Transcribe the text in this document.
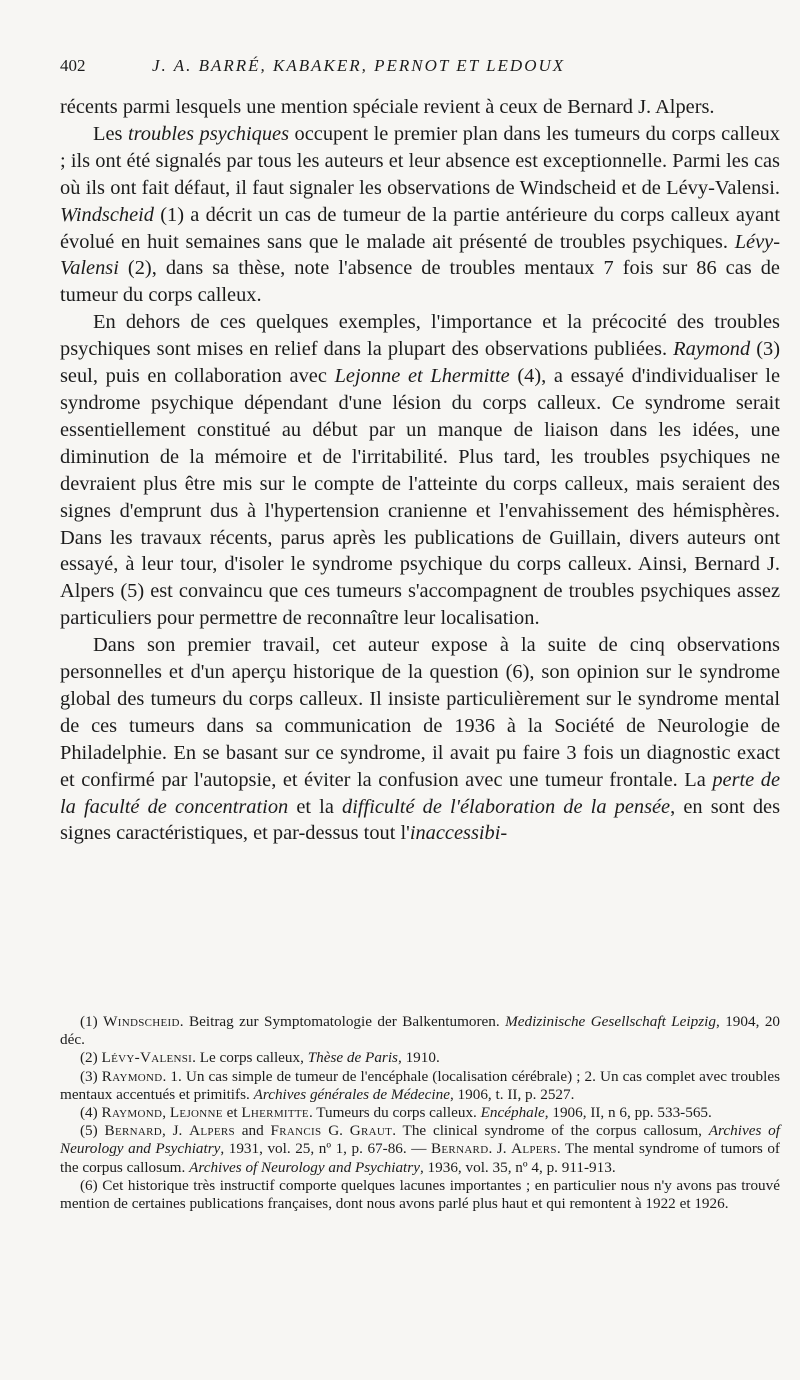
402	J. A. BARRÉ, KABAKER, PERNOT ET LEDOUX

récents parmi lesquels une mention spéciale revient à ceux de Bernard J. Alpers.

Les troubles psychiques occupent le premier plan dans les tumeurs du corps calleux ; ils ont été signalés par tous les auteurs et leur absence est exceptionnelle. Parmi les cas où ils ont fait défaut, il faut signaler les observations de Windscheid et de Lévy-Valensi. Windscheid (1) a décrit un cas de tumeur de la partie antérieure du corps calleux ayant évolué en huit semaines sans que le malade ait présenté de troubles psychiques. Lévy-Valensi (2), dans sa thèse, note l'absence de troubles mentaux 7 fois sur 86 cas de tumeur du corps calleux.

En dehors de ces quelques exemples, l'importance et la précocité des troubles psychiques sont mises en relief dans la plupart des observations publiées. Raymond (3) seul, puis en collaboration avec Lejonne et Lhermitte (4), a essayé d'individualiser le syndrome psychique dépendant d'une lésion du corps calleux. Ce syndrome serait essentiellement constitué au début par un manque de liaison dans les idées, une diminution de la mémoire et de l'irritabilité. Plus tard, les troubles psychiques ne devraient plus être mis sur le compte de l'atteinte du corps calleux, mais seraient des signes d'emprunt dus à l'hypertension cranienne et l'envahissement des hémisphères. Dans les travaux récents, parus après les publications de Guillain, divers auteurs ont essayé, à leur tour, d'isoler le syndrome psychique du corps calleux. Ainsi, Bernard J. Alpers (5) est convaincu que ces tumeurs s'accompagnent de troubles psychiques assez particuliers pour permettre de reconnaître leur localisation.

Dans son premier travail, cet auteur expose à la suite de cinq observations personnelles et d'un aperçu historique de la question (6), son opinion sur le syndrome global des tumeurs du corps calleux. Il insiste particulièrement sur le syndrome mental de ces tumeurs dans sa communication de 1936 à la Société de Neurologie de Philadelphie. En se basant sur ce syndrome, il avait pu faire 3 fois un diagnostic exact et confirmé par l'autopsie, et éviter la confusion avec une tumeur frontale. La perte de la faculté de concentration et la difficulté de l'élaboration de la pensée, en sont des signes caractéristiques, et par-dessus tout l'inaccessibi-

(1) Windscheid. Beitrag zur Symptomatologie der Balkentumoren. Medizinische Gesellschaft Leipzig, 1904, 20 déc.

(2) Lévy-Valensi. Le corps calleux, Thèse de Paris, 1910.

(3) Raymond. 1. Un cas simple de tumeur de l'encéphale (localisation cérébrale) ; 2. Un cas complet avec troubles mentaux accentués et primitifs. Archives générales de Médecine, 1906, t. II, p. 2527.

(4) Raymond, Lejonne et Lhermitte. Tumeurs du corps calleux. Encéphale, 1906, II, n 6, pp. 533-565.

(5) Bernard, J. Alpers and Francis G. Graut. The clinical syndrome of the corpus callosum, Archives of Neurology and Psychiatry, 1931, vol. 25, nº 1, p. 67-86. — Bernard. J. Alpers. The mental syndrome of tumors of the corpus callosum. Archives of Neurology and Psychiatry, 1936, vol. 35, nº 4, p. 911-913.

(6) Cet historique très instructif comporte quelques lacunes importantes ; en particulier nous n'y avons pas trouvé mention de certaines publications françaises, dont nous avons parlé plus haut et qui remontent à 1922 et 1926.
